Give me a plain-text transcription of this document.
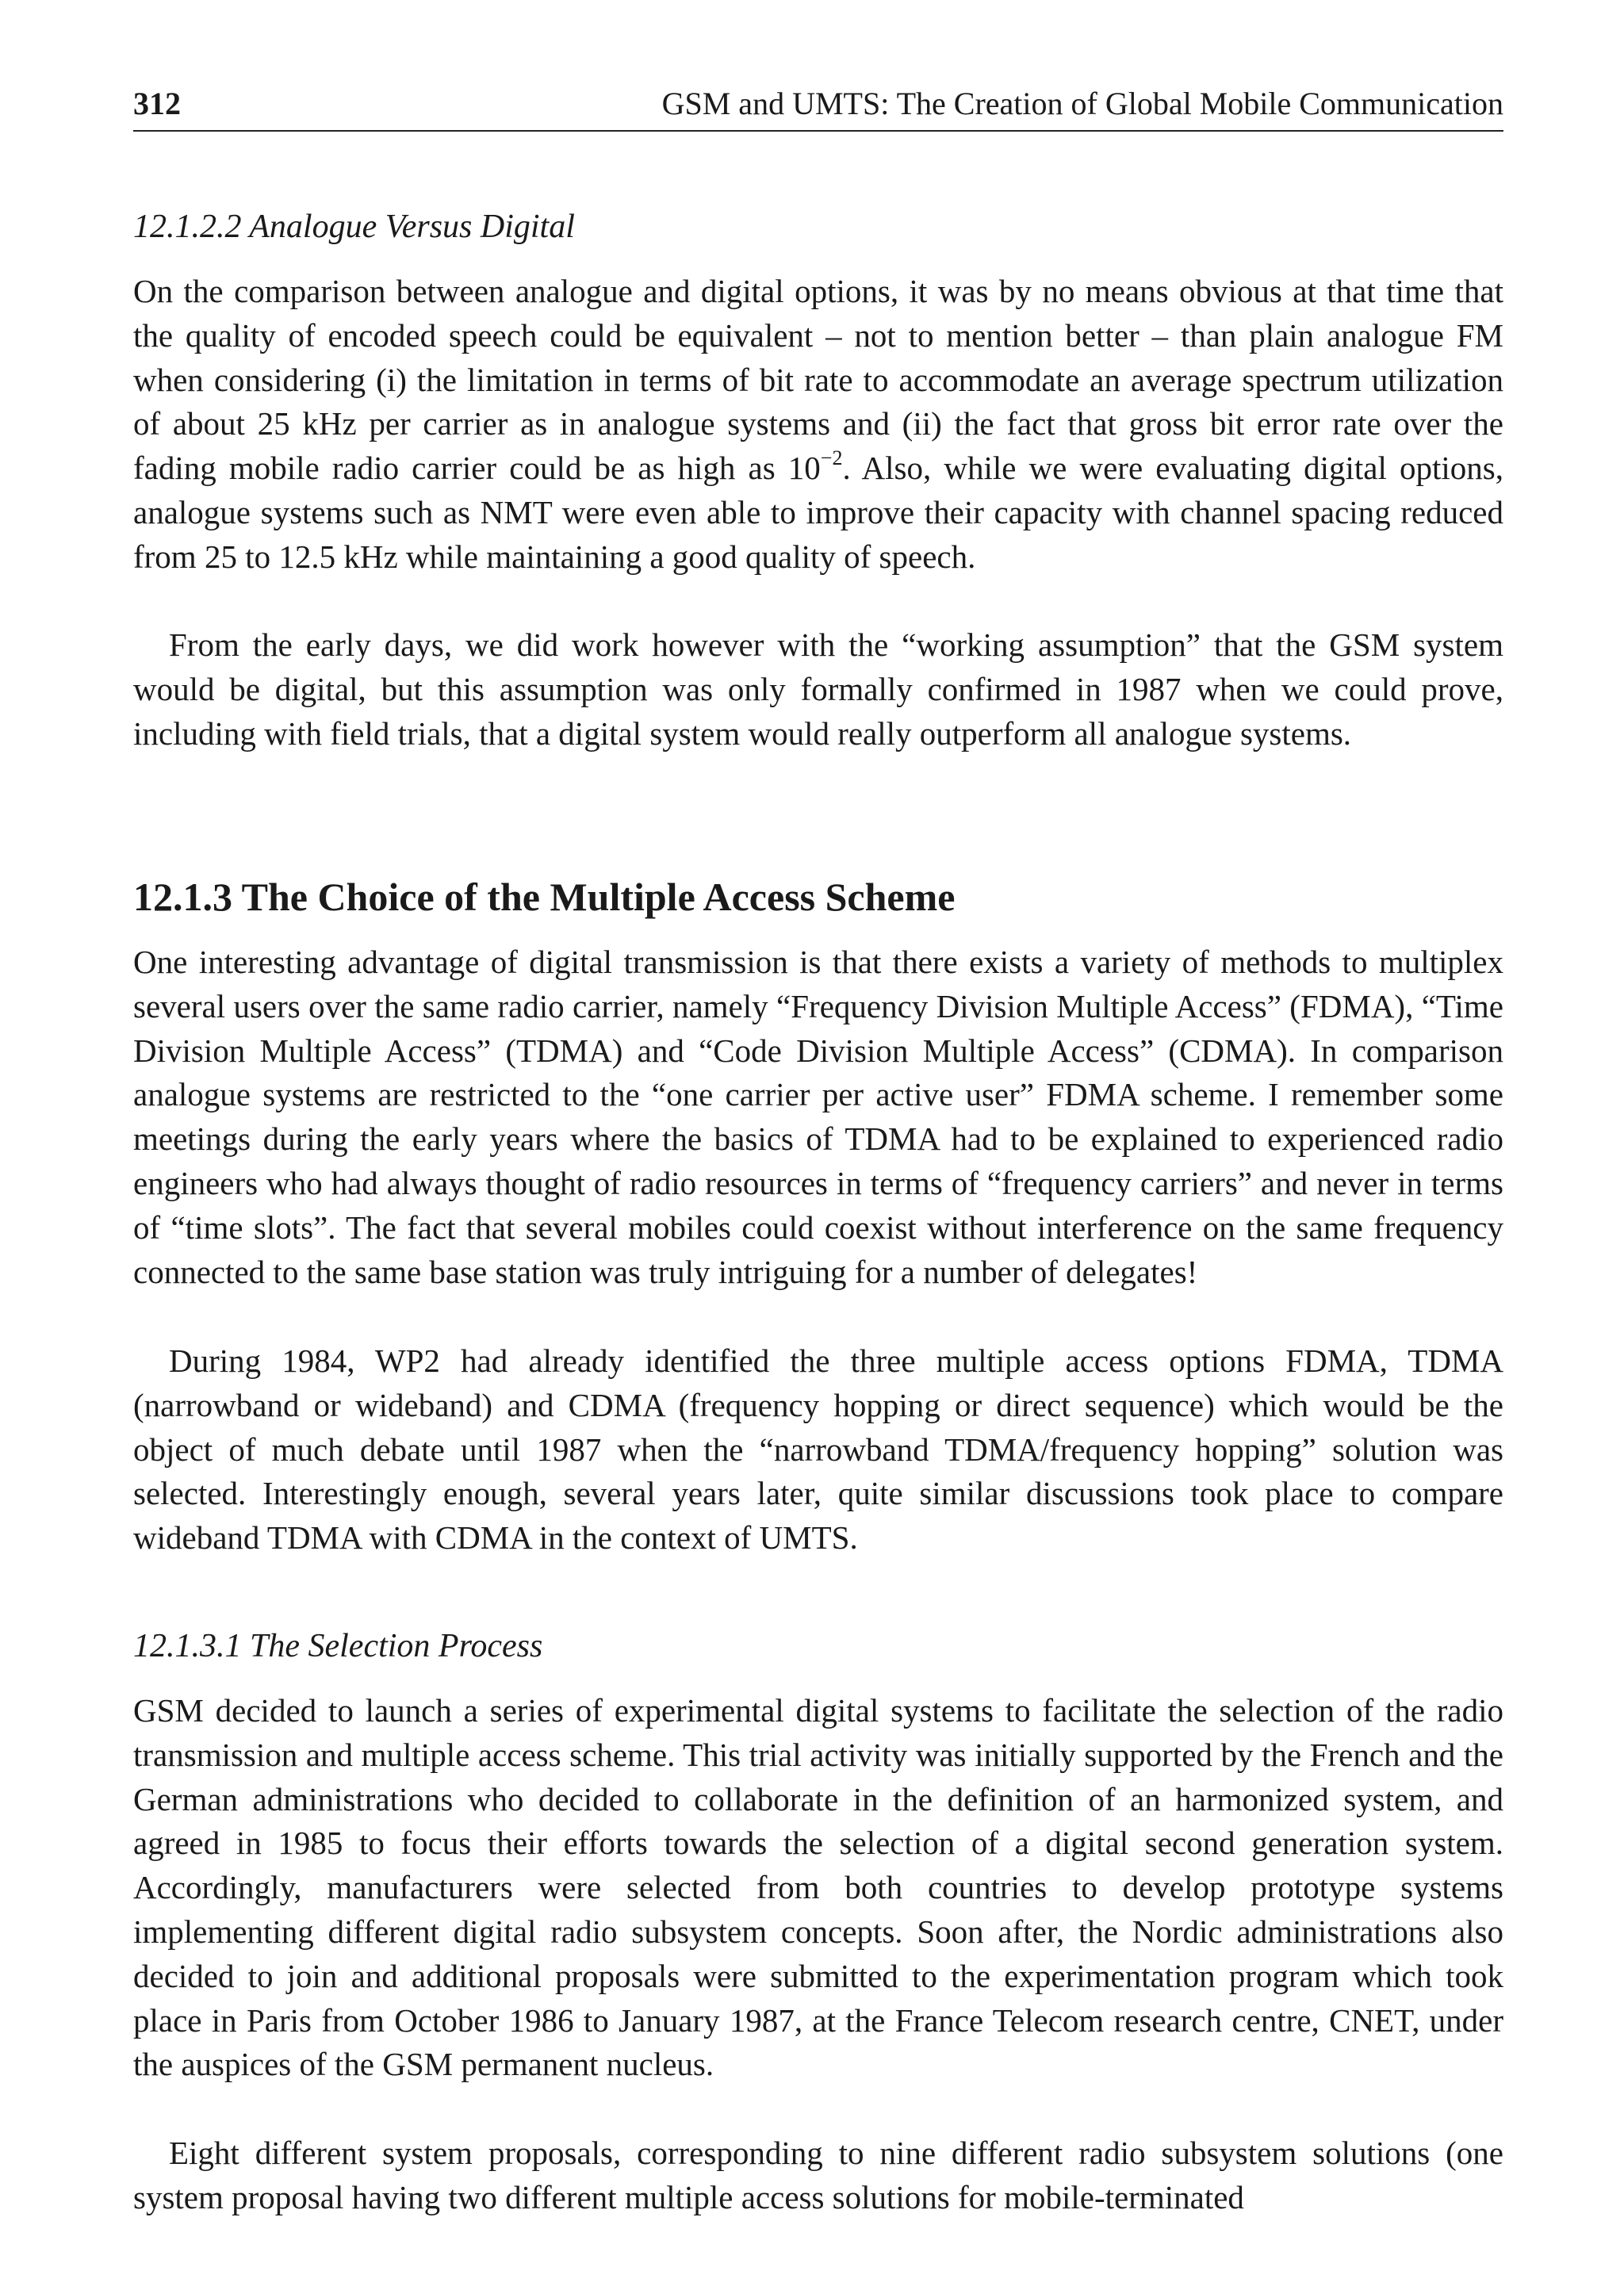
312	GSM and UMTS: The Creation of Global Mobile Communication
12.1.2.2 Analogue Versus Digital

On the comparison between analogue and digital options, it was by no means obvious at that time that the quality of encoded speech could be equivalent – not to mention better – than plain analogue FM when considering (i) the limitation in terms of bit rate to accommodate an average spectrum utilization of about 25 kHz per carrier as in analogue systems and (ii) the fact that gross bit error rate over the fading mobile radio carrier could be as high as $10^{-2}$. Also, while we were evaluating digital options, analogue systems such as NMT were even able to improve their capacity with channel spacing reduced from 25 to 12.5 kHz while maintaining a good quality of speech.

From the early days, we did work however with the “working assumption” that the GSM system would be digital, but this assumption was only formally confirmed in 1987 when we could prove, including with field trials, that a digital system would really outperform all analogue systems.

12.1.3 The Choice of the Multiple Access Scheme

One interesting advantage of digital transmission is that there exists a variety of methods to multiplex several users over the same radio carrier, namely “Frequency Division Multiple Access” (FDMA), “Time Division Multiple Access” (TDMA) and “Code Division Multiple Access” (CDMA). In comparison analogue systems are restricted to the “one carrier per active user” FDMA scheme. I remember some meetings during the early years where the basics of TDMA had to be explained to experienced radio engineers who had always thought of radio resources in terms of “frequency carriers” and never in terms of “time slots”. The fact that several mobiles could coexist without interference on the same frequency connected to the same base station was truly intriguing for a number of delegates!

During 1984, WP2 had already identified the three multiple access options FDMA, TDMA (narrowband or wideband) and CDMA (frequency hopping or direct sequence) which would be the object of much debate until 1987 when the “narrowband TDMA/frequency hopping” solution was selected. Interestingly enough, several years later, quite similar discussions took place to compare wideband TDMA with CDMA in the context of UMTS.

12.1.3.1 The Selection Process

GSM decided to launch a series of experimental digital systems to facilitate the selection of the radio transmission and multiple access scheme. This trial activity was initially supported by the French and the German administrations who decided to collaborate in the definition of an harmonized system, and agreed in 1985 to focus their efforts towards the selection of a digital second generation system. Accordingly, manufacturers were selected from both countries to develop prototype systems implementing different digital radio subsystem concepts. Soon after, the Nordic administrations also decided to join and additional proposals were submitted to the experimentation program which took place in Paris from October 1986 to January 1987, at the France Telecom research centre, CNET, under the auspices of the GSM permanent nucleus.

Eight different system proposals, corresponding to nine different radio subsystem solutions (one system proposal having two different multiple access solutions for mobile-terminated
